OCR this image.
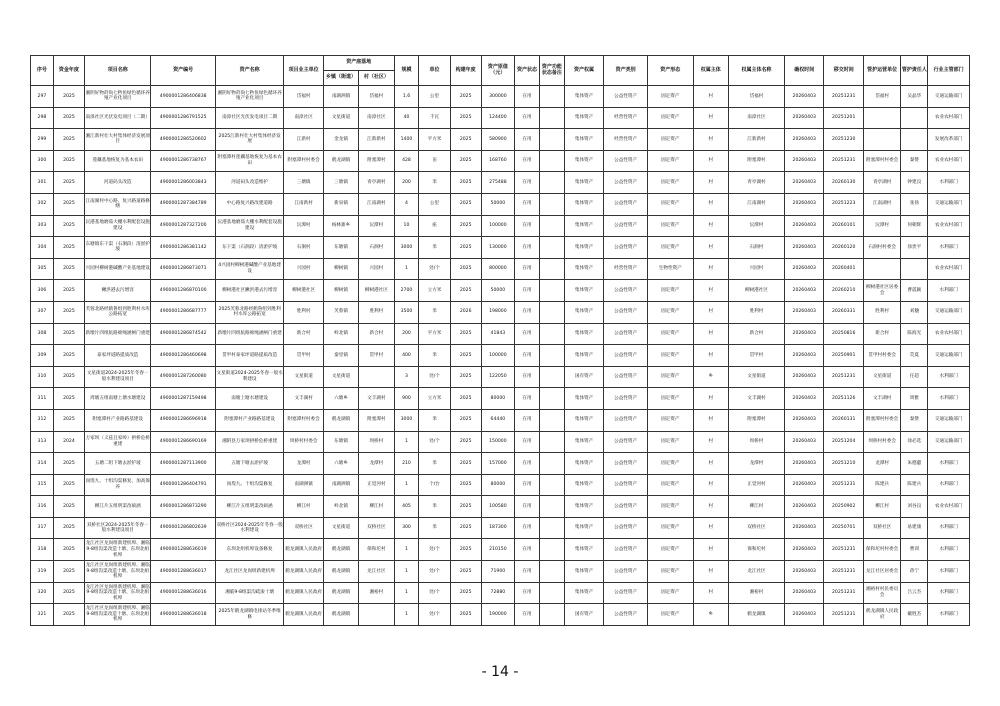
序号	资金年度	项目名称	资产编号	资产名称	项目业主单位	资产座落地		规模	单位	构建年度	资产原值（元）	资产状态	资产功能状态备注	资产权属	资产类别	资产形态	权属主体	权属主体名称	确权时间	移交时间	管护运营单位	管护责任人	行业主管部门
						乡镇（街道）	村（社区）																
297	2025	湘阴好物莳尚七秒鱼绿色循环养殖产业化项目	49000012864068​38	湘阴好物莳尚七秒鱼绿色循环养殖产业化项目	岱福村	南湖洲镇	岱福村	1.6	公里	2025	300000	在用		集体资产	公益性资产	固定资产	村	岱福村	20260403	20251231	岱福村	吴晶华	交通运输部门
298	2025	南漳社区光伏发电项目（二期）	490000128679​1525	南漳社区光伏发电项目二期	南漳社区	文星街道	南漳社区	40	千瓦	2025	124400	在用		集体资产	经营性资产	固定资产	村	南漳社区	20260403	20251201			农业农村部门
299	2025	湘江新村壮大村集体经济发展项目	4900001286520602	2025江新村壮大村集体经济发展	江新村	金龙镇	江新新村	1400	平方米	2025	580900	在用		集体资产	经营性资产	固定资产	村	江新新村	20260403	20251230			发展改革部门
300	2025	莲藕基地恢复为基本农田	4900001286738767	附塞潭村莲藕基地恢复为基本农田	附塞潭村村委会	鹤龙湖镇	附塞潭村	428	亩	2025	168760	在用		集体资产	公益性资产	固定资产	村	附塞潭村	20260403	20251231	附塞潭村村委会	秦赞	农业农村部门
301	2025	河道码头改造	4900001286003843	河道码头改造维护	三塘镇	三塘镇	青亭湖村	200	米	2025	275488	在用		集体资产	公益性资产	固定资产	村	青亭湖村	20260403	20260130	青亭湖村	钟建良	水利部门
302	2025	江南湖村中心路、复兴路道路修缮	4900001287384789	中心路复兴路改建道路	江南新村	新泉镇	江南湖村	4	公里	2025	50000	在用		集体资产	公益性资产	固定资产	村	江南湖村	20260403	20251223	江南湖村	张扬	交通运输部门
303	2025	沅港基地磨茹大棚水利配套设施建设	4900001287327200	沅港基地磨茹大棚水利配套设施建设	沅潭村	杨林寨乡	沅潭村	10	座	2025	100000	在用		集体资产	公益性资产	固定资产	村	沅潭村	20260403	20260101	沅潭村	何朝辉	农业农村部门
304	2025	东塘镇东干渠（石涧段）清淤护坡	4900001286381142	东干渠（石涧段）清淤护坡	石涧村	东塘镇	石涧村	3000	米	2025	130000	在用		集体资产	公益性资产	固定资产	村	石涧村	20260403	20260120	石涧村村委会	徐贵平	水利部门
305	2025	兴园村柳树港碱酸产业基地建设	4900001286873071	4兴园村柳树港碱酸产业基地建设	兴园村	柳树镇	兴园村	1	处/个	2025	800000	在用		集体资产	经营性资产	生物性资产	村	兴园村	20260403	20260401			农业农村部门
306	2025	鰍洪港去污增容	4900001286870100	柳树港社区鰍洪港去污增容	柳树港社区	柳树镇	柳树港社区	2700	立方米	2025	50000	在用		集体资产	公益性资产	固定资产	村	柳树港社区	20260403	20260210	柳树港社区居委会	曹震颖	水利部门
307	2025	芙蓉北路经鹤鲁组到胜利村水库公路拓宽	4900001286687777	2025芙蓉北路经鹤鲁组到胜利村水库公路拓宽	胜利村	芙蓉镇	胜利村	3500	米	2026	198000	在用		集体资产	公益性资产	固定资产	村	胜利村	20260403	20260331	胜利村	刘穗	交通运输部门
308	2025	新墩片四组肮路绵绳涵闸门重建	4900001286874542	新墩片四组肮路绵绳涵闸门重建	新合村	岭北镇	新合村	200	平方米	2025	41843	在用		集体资产	公益性资产	固定资产	村	新合村	20260403	20250816	新合村	陈海光	农业农村部门
309	2025	泰家坪道路提质改造	4900001286460698	贯甲村泰家坪道路提质改造	贯甲村	秦里镇	贯甲村	400	米	2025	100000	在用		集体资产	公益性资产	固定资产	村	贯甲村	20260403	20250901	贯甲村村委会	荒夏	交通运输部门
310	2025	文星街道2024-2025年冬春一般水利建设项目	4900001287260080	文星街道2024-2025冬春一般水利建设	文星街道	文星街道		3	处/个	2025	122050	在用		国有资产	公益性资产	固定资产	乡	文星街道	20260403	20251231	文星街道	任超	水利部门
311	2025	周塘五组南塘上塘水塘建设	4900001287159498	南塘上塘水塘建设	文丰湖村	六塘乡	文丰湖村	900	立方米	2025	80000	在用		集体资产	公益性资产	固定资产	村	文丰湖村	20260403	20251126	文丰湖村	周雅	水利部门
312	2025	附塞潭村产业路路基建设	4900001286696918	附塞潭村产业路路基建设	附塞潭村村委会	鹤龙湖镇	附塞潭村	3000	米	2025	64440	在用		集体资产	公益性资产	固定资产	村	附塞潭村	20260403	20260131	附塞潭村村委会	秦赞	交通运输部门
313	2024	万家坝（义兹且家岭）拱桥危桥重建	4900001286690169	湘阴县万家坝拱桥危桥重建	坝桥村村委会	东塘镇	坝桥村	1	处/个	2025	150000	在用		集体资产	公益性资产	固定资产	村	坝桥村	20260403	20251204	坝桥村村委会	徐必选	交通运输部门
314	2025	五塘二组下塘去淤护坡	4900001287113900	五塘下塘去淤护坡	龙潭村	六塘乡	龙潭村	210	米	2025	157000	在用		集体资产	公益性资产	固定资产	村	龙潭村	20260403	20251210	龙潭村	朱德蕙	水利部门
315	2025	岗堤九、十组沟渠修复、加高保养	4900001286404791	岗堤九、十组沟渠修复	南湖洲镇	南湖洲镇	正觉河村	1	个/台	2025	80000	在用		集体资产	公益性资产	固定资产	村	正觉河村	20260403	20251231	陈建兵	陈建兵	水利部门
316	2025	柳江片五组明渠改硕涵	4900001286873290	柳江片五组明渠改硕涵	柳江村	岭北镇	柳江村	405	米	2025	100580	在用		集体资产	公益性资产	固定资产	村	柳江村	20260403	20250902	柳江村	刘谷良	农业农村部门
317	2025	双桥社区2024-2025年冬春一般水利建设项目	4900001286802639	双桥社区2024-2025年冬春一般水利建设	双桥社区	文星街道	双桥社区	300	米	2025	187300	在用		集体资产	公益性资产	固定资产	村	双桥社区	20260403	20250701	双桥社区	易建康	水利部门
318	2025	龙江社区龙岗组新建机埠、湘临9-8组沟渠改造十塘、东坝北組机埠	4900001288636019	东坝北组机埠设备修复	鹤龙湖镇人民政府	鹤龙湖镇	保和坨村	1	处/个	2025	210150	在用		集体资产	公益性资产	固定资产	村	保和坨村	20260403	20251231	保和坨村村委会	曹训	水利部门
319	2025	龙江社区龙岗组新建机埠、湘临9-8组沟渠改造十塘、东坝北組机埠	4900001288636017	龙江社区龙岗组新建机埠	鹤龙湖镇人民政府	鹤龙湖镇	龙江社区	1	处/个	2025	71900	在用		集体资产	公益性资产	固定资产	村	龙江社区	20260403	20251231	龙江社区居委会	蒋宁	水利部门
320	2025	龙江社区龙岗组新建机埠、湘临9-8组沟渠改造十塘、东坝北組机埠	4900001288636016	湘临9-8组渠沟疏浚十塘	鹤龙湖镇人民政府	鹤龙湖镇	湘裕村	1	处/个	2025	72880	在用		集体资产	公益性资产	固定资产	村	湘裕村	20260403	20251231	湘裕村村民委员会	吕云杰	水利部门
321	2025	龙江社区龙岗组新建机埠、湘临9-8组沟渠改造十塘、东坝北組机埠	4900001288636018	2025年鹤龙湖镇电排站冬季维修	鹤龙湖镇人民政府	鹤龙湖镇		1	处/个	2025	190000	在用		国有资产	公益性资产	固定资产	乡	鹤龙湖镇	20260403	20251231	鹤龙湖镇人民政府	戴胜杰	水利部门
- 14 -
